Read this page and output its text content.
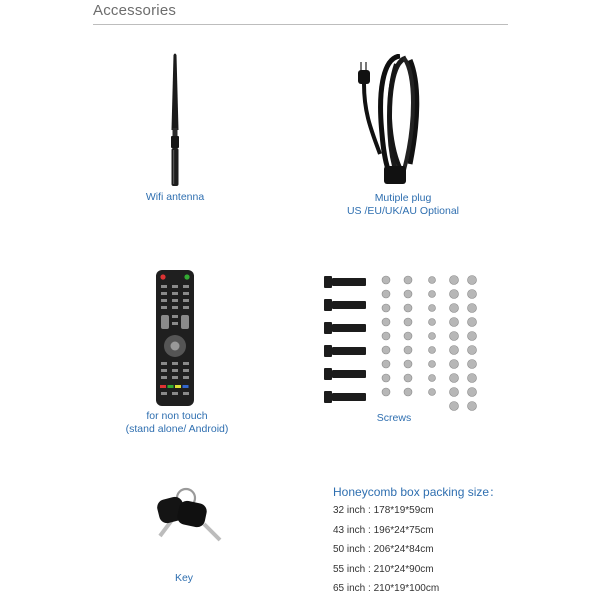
Accessories
Wifi antenna	Mutiple plug
US /EU/UK/AU Optional
for non touch
(stand alone/ Android)
Screws
Key
Honeycomb box packing size：
32 inch : 178*19*59cm
43 inch : 196*24*75cm
50 inch : 206*24*84cm
55 inch : 210*24*90cm
65 inch : 210*19*100cm
